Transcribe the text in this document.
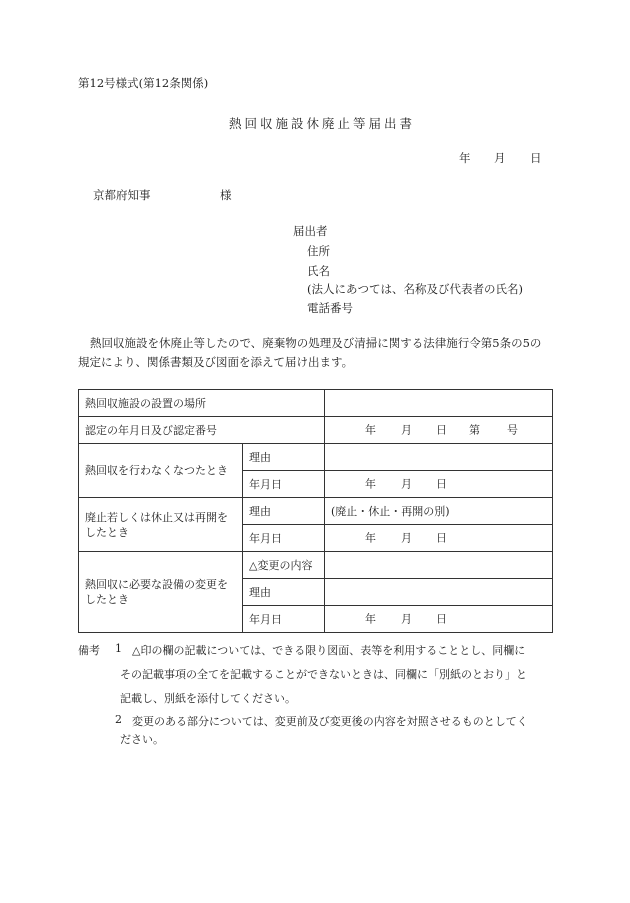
第12号様式(第12条関係)
熱回収施設休廃止等届出書
年 月 日
京都府知事	様
届出者
住所
氏名
(法人にあつては、名称及び代表者の氏名)
電話番号
熱回収施設を休廃止等したので、廃棄物の処理及び清掃に関する法律施行令第5条の5の
規定により、関係書類及び図面を添えて届け出ます。
熱回収施設の設置の場所		
認定の年月日及び認定番号		年 月 日 第 号

熱回収を行わなくなつたとき	理由	
	年月日	年 月 日

廃止若しくは休止又は再開をしたとき	理由	(廃止・休止・再開の別)
	年月日	年 月 日

熱回収に必要な設備の変更をしたとき	△変更の内容	
	理由	
	年月日	年 月 日
備考 1 △印の欄の記載については、できる限り図面、表等を利用することとし、同欄に
その記載事項の全てを記載することができないときは、同欄に「別紙のとおり」と
記載し、別紙を添付してください。
2 変更のある部分については、変更前及び変更後の内容を対照させるものとしてく
ださい。
